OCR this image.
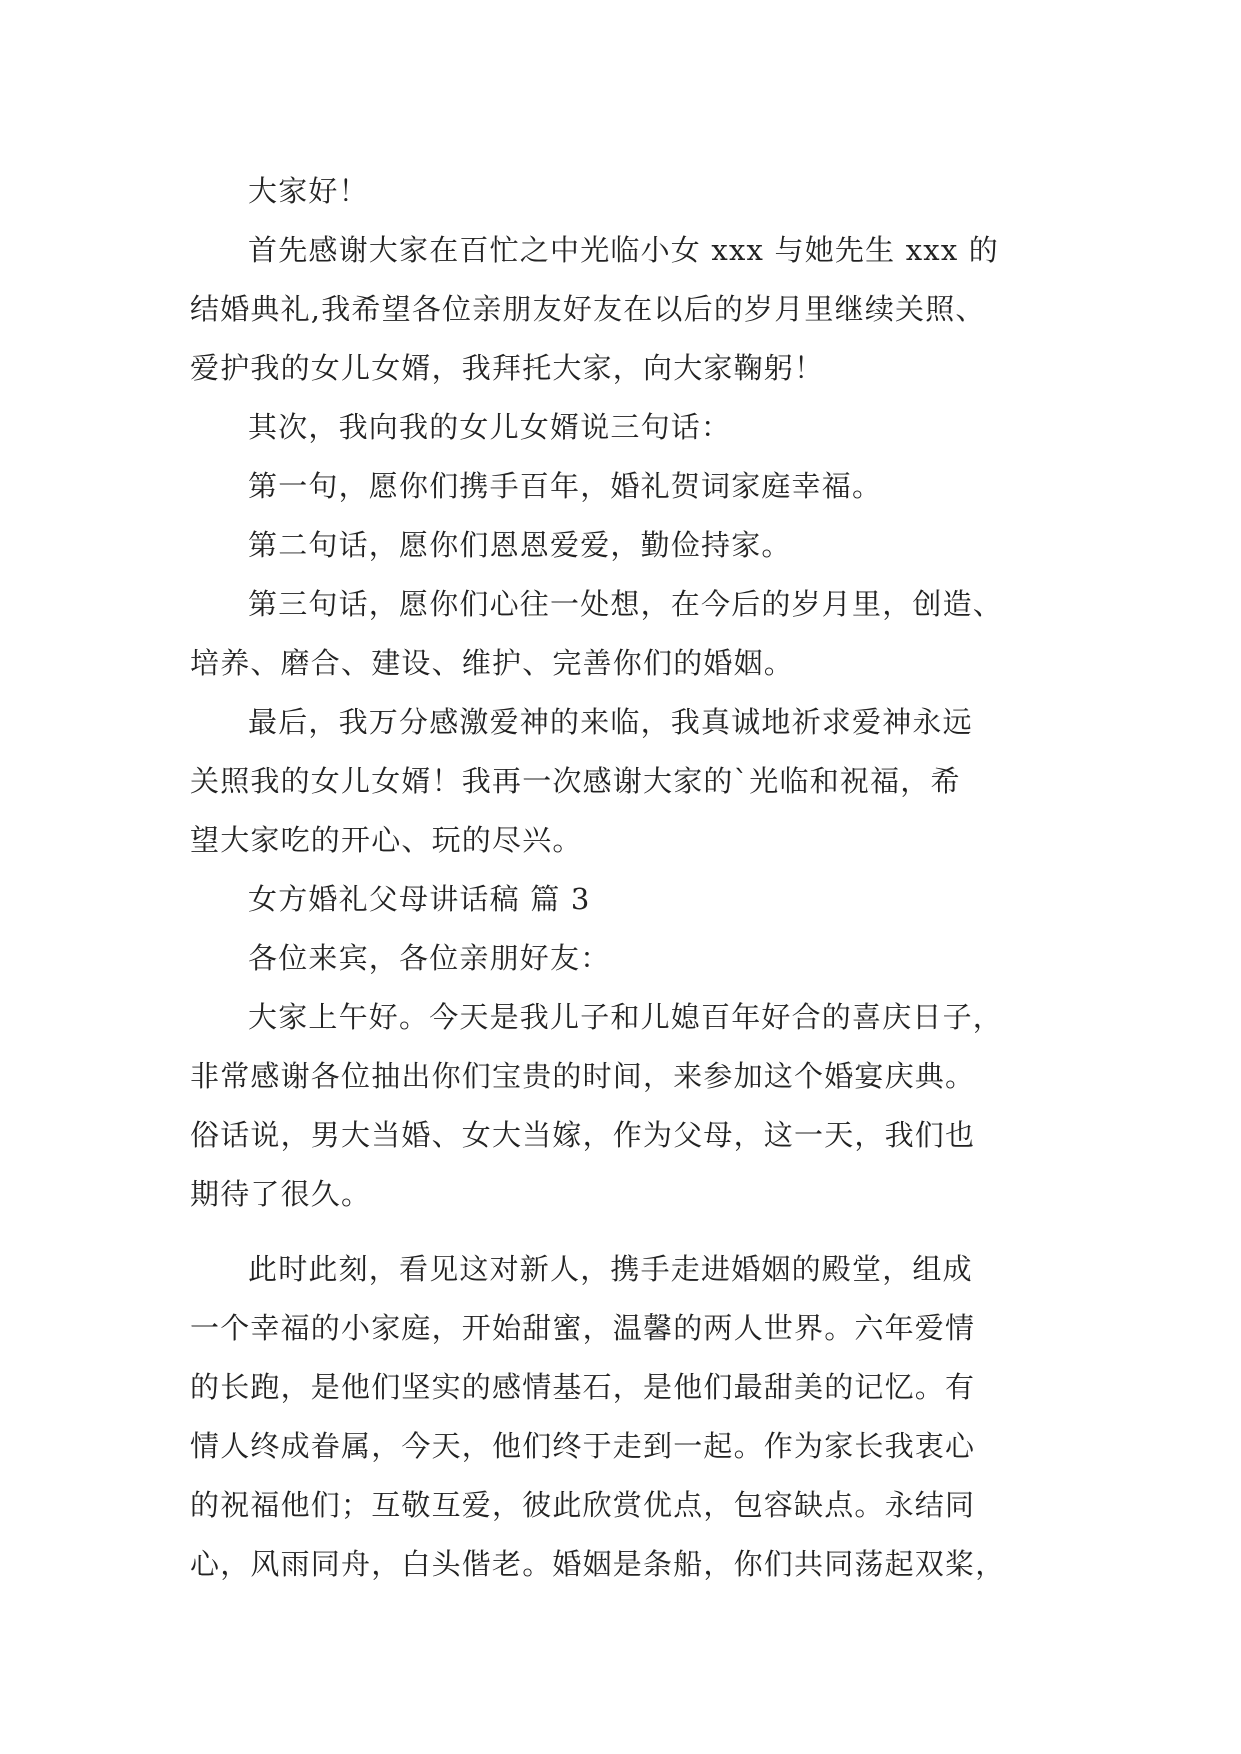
大家好！
首先感谢大家在百忙之中光临小女 xxx 与她先生 xxx 的
结婚典礼,我希望各位亲朋友好友在以后的岁月里继续关照、
爱护我的女儿女婿，我拜托大家，向大家鞠躬！
其次，我向我的女儿女婿说三句话：
第一句，愿你们携手百年，婚礼贺词家庭幸福。
第二句话，愿你们恩恩爱爱，勤俭持家。
第三句话，愿你们心往一处想，在今后的岁月里，创造、
培养、磨合、建设、维护、完善你们的婚姻。
最后，我万分感激爱神的来临，我真诚地祈求爱神永远
关照我的女儿女婿！我再一次感谢大家的`光临和祝福，希
望大家吃的开心、玩的尽兴。
女方婚礼父母讲话稿 篇 3
各位来宾，各位亲朋好友：
大家上午好。今天是我儿子和儿媳百年好合的喜庆日子，
非常感谢各位抽出你们宝贵的时间，来参加这个婚宴庆典。
俗话说，男大当婚、女大当嫁，作为父母，这一天，我们也
期待了很久。
此时此刻，看见这对新人，携手走进婚姻的殿堂，组成
一个幸福的小家庭，开始甜蜜，温馨的两人世界。六年爱情
的长跑，是他们坚实的感情基石，是他们最甜美的记忆。有
情人终成眷属，今天，他们终于走到一起。作为家长我衷心
的祝福他们；互敬互爱，彼此欣赏优点，包容缺点。永结同
心，风雨同舟，白头偕老。婚姻是条船，你们共同荡起双桨，
